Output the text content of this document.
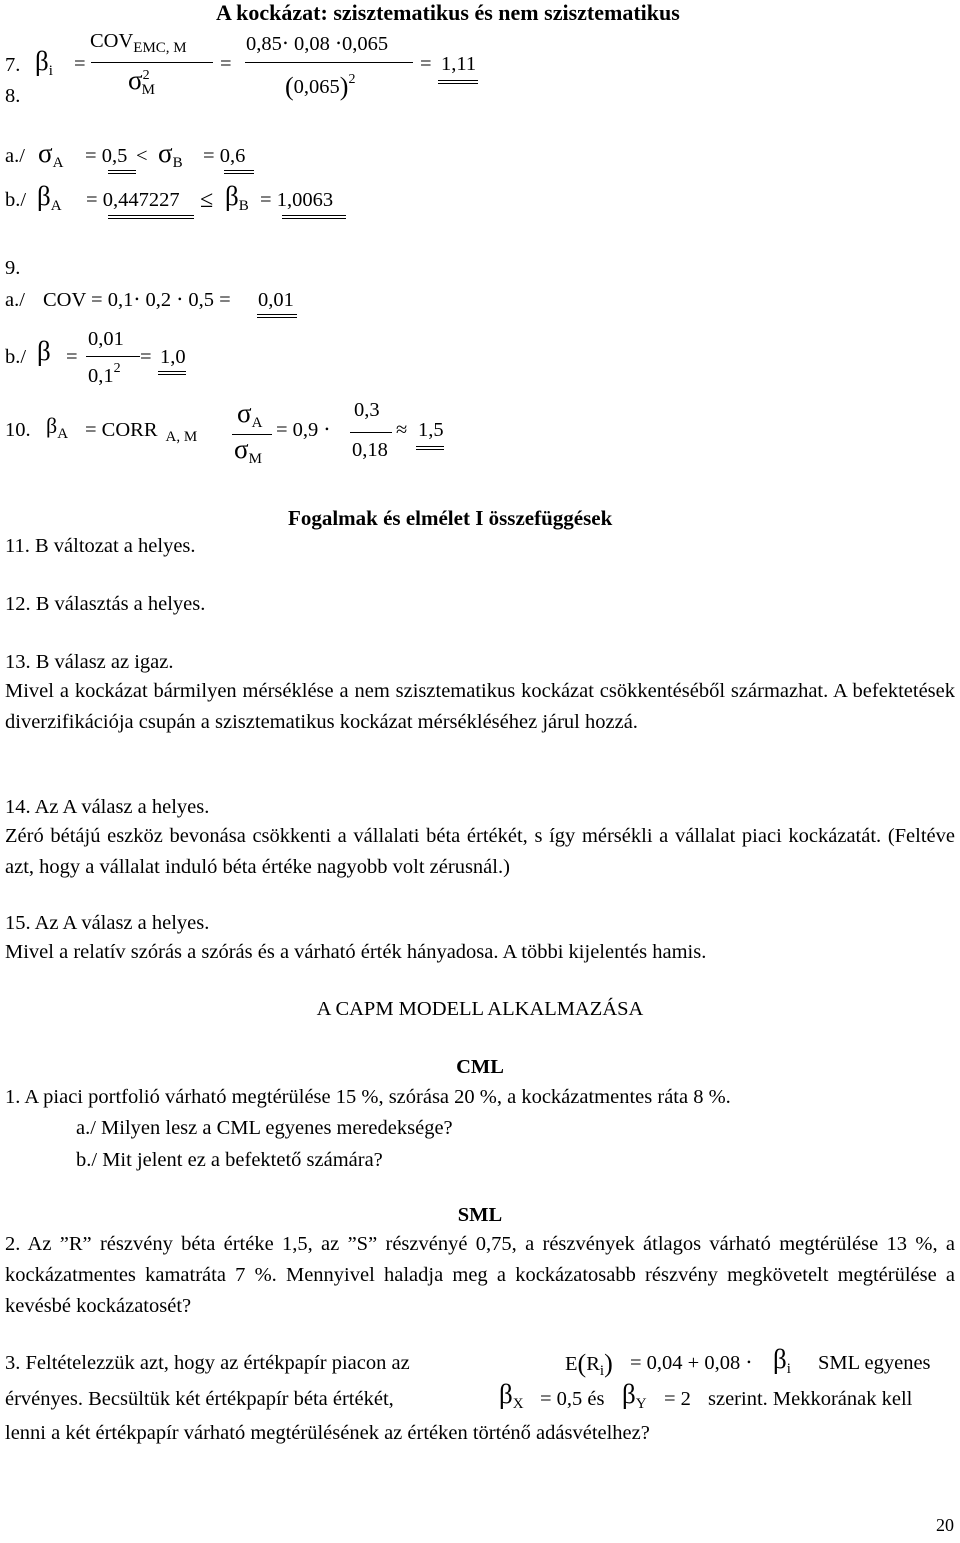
A kockázat: szisztematikus és nem szisztematikus
7. $\beta_i$ =
$COV_{EMC, M}$
$\sigma^2_M$
=
0,85⋅ 0,08 ⋅0,065
$(0,065)^2$
= 1,11
8.
a./ $\sigma_A = 0,5 < \sigma_B = 0,6$
b./ $\beta_A = 0,447227 \le \beta_B = 1,0063$
9.
a./ COV = 0,1⋅ 0,2 ⋅ 0,5 = 0,01
b./ β =
0,01
$0,1^2$
= 1,0
10. $\beta_A$ = CORR $_{A, M}$
$\sigma_A$
$\sigma_M$
= 0,9 ⋅
0,3
0,18
≈ 1,5
Fogalmak és elmélet I összefüggések
11. B változat a helyes.
12. B választás a helyes.
13. B válasz az igaz.

Mivel a kockázat bármilyen mérséklése a nem szisztematikus kockázat csökkentéséből származhat. A befektetések diverzifikációja csupán a szisztematikus kockázat mérsékléséhez járul hozzá.

14. Az A válasz a helyes.

Zéró bétájú eszköz bevonása csökkenti a vállalati béta értékét, s így mérsékli a vállalat piaci kockázatát. (Feltéve azt, hogy a vállalat induló béta értéke nagyobb volt zérusnál.)

15. Az A válasz a helyes.

Mivel a relatív szórás a szórás és a várható érték hányadosa. A többi kijelentés hamis.

A CAPM MODELL ALKALMAZÁSA
CML
1. A piaci portfolió várható megtérülése 15 %, szórása 20 %, a kockázatmentes ráta 8 %.
a./ Milyen lesz a CML egyenes meredeksége?
b./ Mit jelent ez a befektető számára?
SML

2. Az ”R” részvény béta értéke 1,5, az ”S” részvényé 0,75, a részvények átlagos várható megtérülése 13 %, a kockázatmentes kamatráta 7 %. Mennyivel haladja meg a kockázatosabb részvény megkövetelt megtérülése a kevésbé kockázatosét?

3. Feltételezzük azt, hogy az értékpapír piacon az	$E(R_i) = 0,04 + 0,08 \cdot \beta_i$ SML egyenes
érvényes. Becsültük két értékpapír béta értékét,	$\beta_X = 0,5$ és $\beta_Y = 2$ szerint. Mekkorának kell
lenni a két értékpapír várható megtérülésének az értéken történő adásvételhez?
20
